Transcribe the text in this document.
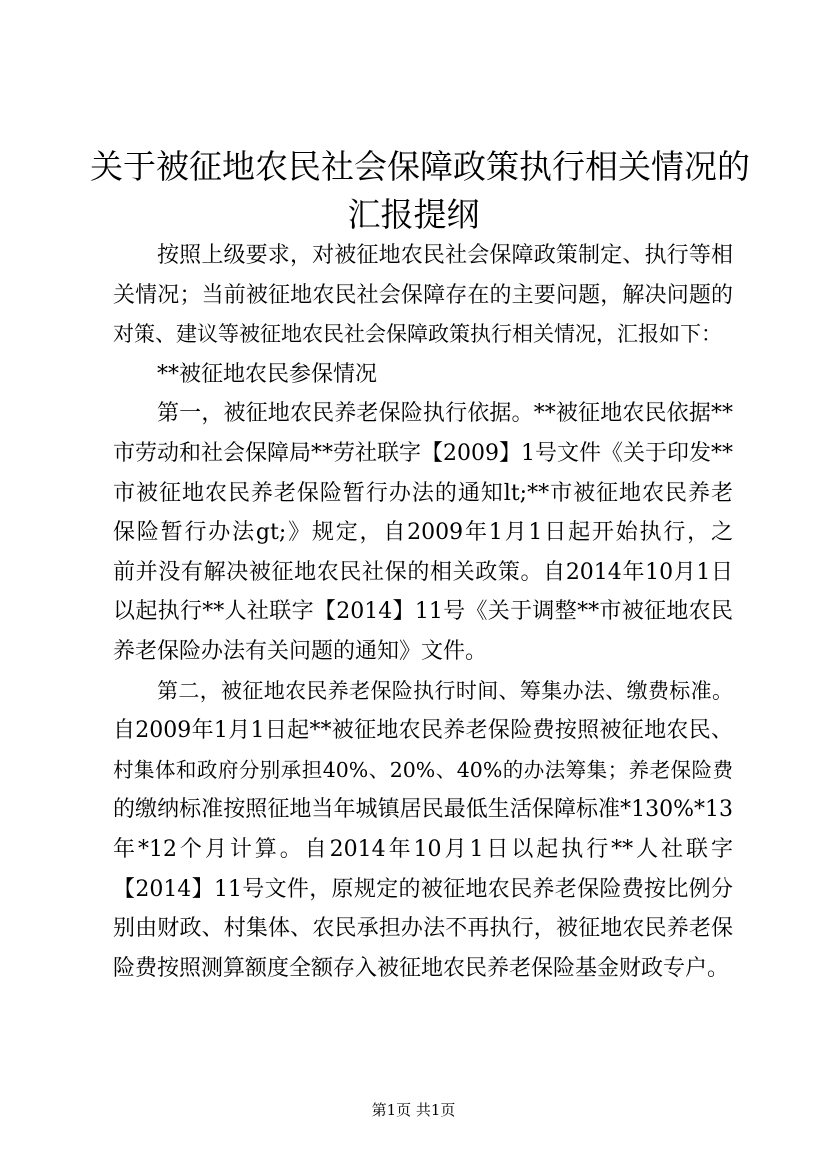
关于被征地农民社会保障政策执行相关情况的
汇报提纲
按照上级要求，对被征地农民社会保障政策制定、执行等相
关情况；当前被征地农民社会保障存在的主要问题，解决问题的
对策、建议等被征地农民社会保障政策执行相关情况，汇报如下：
**被征地农民参保情况
第一，被征地农民养老保险执行依据。**被征地农民依据**
市劳动和社会保障局**劳社联字【2009】1号文件《关于印发**
市被征地农民养老保险暂行办法的通知lt;**市被征地农民养老
保险暂行办法gt;》规定，自2009年1月1日起开始执行，之
前并没有解决被征地农民社保的相关政策。自2014年10月1日
以起执行**人社联字【2014】11号《关于调整**市被征地农民
养老保险办法有关问题的通知》文件。
第二，被征地农民养老保险执行时间、筹集办法、缴费标准。
自2009年1月1日起**被征地农民养老保险费按照被征地农民、
村集体和政府分别承担40%、20%、40%的办法筹集；养老保险费
的缴纳标准按照征地当年城镇居民最低生活保障标准*130%*13
年*12个月计算。自2014年10月1日以起执行**人社联字
【2014】11号文件，原规定的被征地农民养老保险费按比例分
别由财政、村集体、农民承担办法不再执行，被征地农民养老保
险费按照测算额度全额存入被征地农民养老保险基金财政专户。
第1页 共1页
